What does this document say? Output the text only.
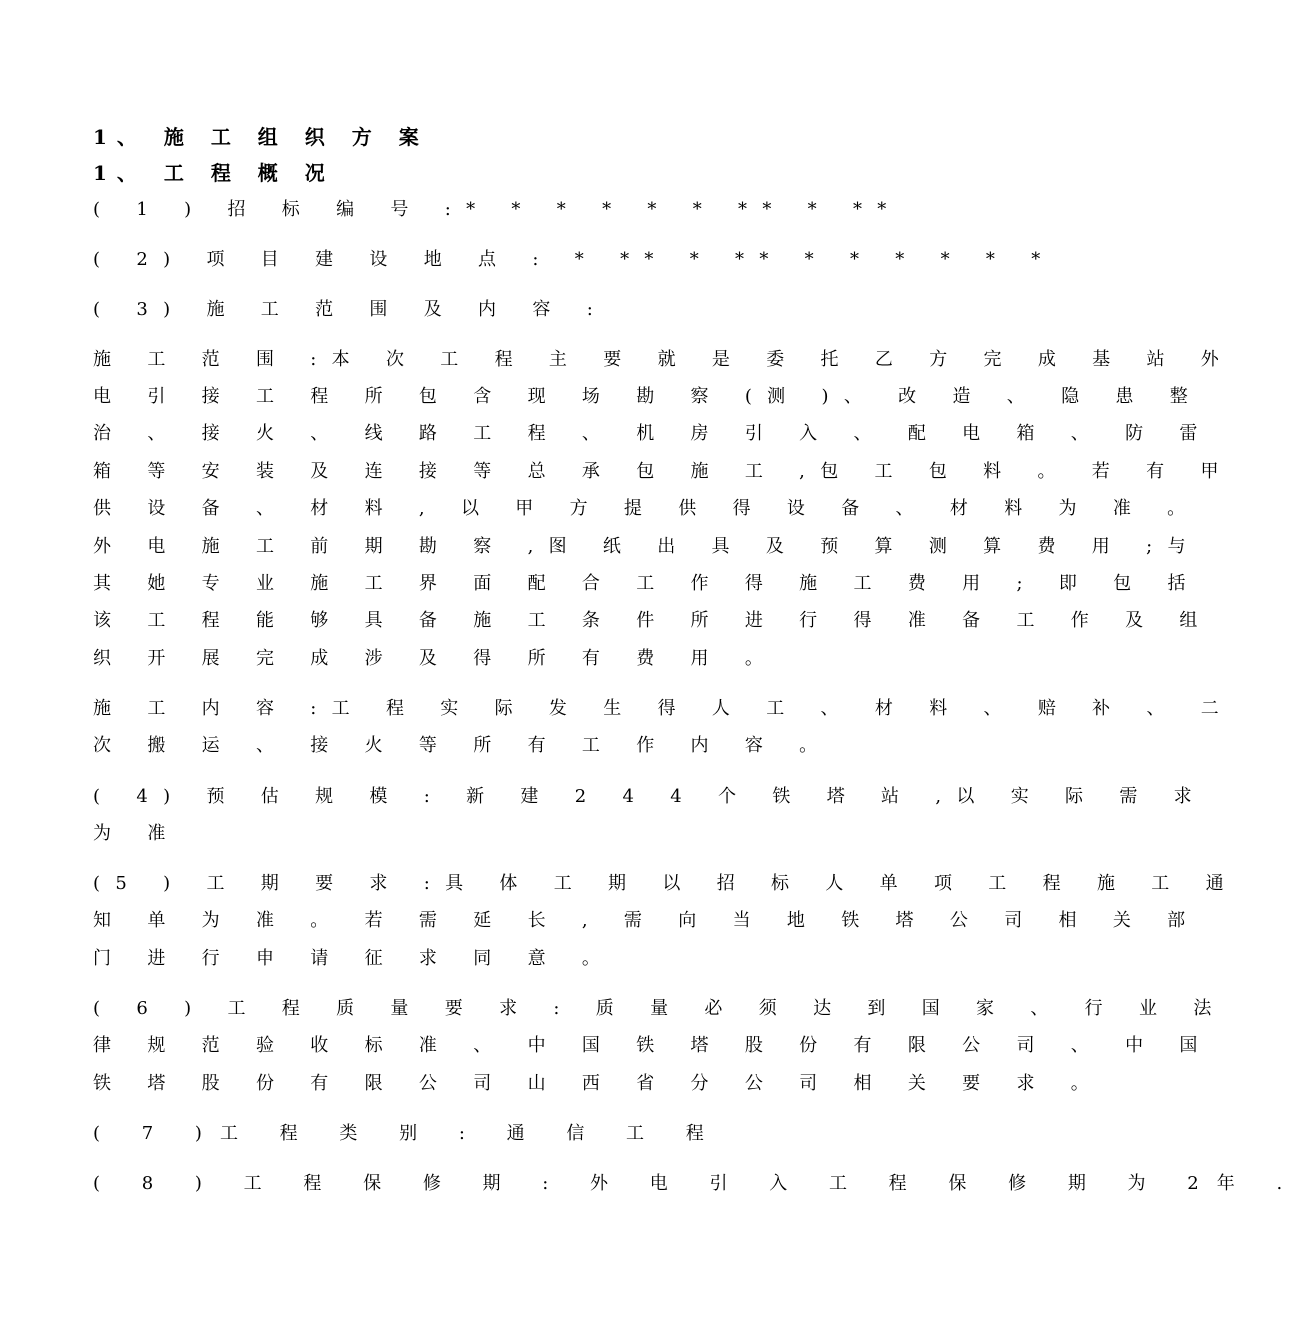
1、 施 工 组 织 方 案
1、 工 程 概 况
( 1 ) 招 标 编 号 :* * * * * * ** * **
( 2) 项 目 建 设 地 点 : * ** * ** * * * * * *
( 3) 施 工 范 围 及 内 容 :
施 工 范 围 :本 次 工 程 主 要 就 是 委 托 乙 方 完 成 基 站 外
电 引 接 工 程 所 包 含 现 场 勘 察 (测 )、 改 造 、 隐 患 整
治 、 接 火 、 线 路 工 程 、 机 房 引 入 、 配 电 箱 、 防 雷
箱 等 安 装 及 连 接 等 总 承 包 施 工 ,包 工 包 料 。 若 有 甲
供 设 备 、 材 料 , 以 甲 方 提 供 得 设 备 、 材 料 为 准 。
外 电 施 工 前 期 勘 察 ,图 纸 出 具 及 预 算 测 算 费 用 ;与
其 她 专 业 施 工 界 面 配 合 工 作 得 施 工 费 用 ; 即 包 括
该 工 程 能 够 具 备 施 工 条 件 所 进 行 得 准 备 工 作 及 组
织 开 展 完 成 涉 及 得 所 有 费 用 。
施 工 内 容 :工 程 实 际 发 生 得 人 工 、 材 料 、 赔 补 、 二
次 搬 运 、 接 火 等 所 有 工 作 内 容 。
( 4) 预 估 规 模 : 新 建 2 4 4 个 铁 塔 站 ,以 实 际 需 求
为 准
(5 ) 工 期 要 求 :具 体 工 期 以 招 标 人 单 项 工 程 施 工 通
知 单 为 准 。 若 需 延 长 , 需 向 当 地 铁 塔 公 司 相 关 部
门 进 行 申 请 征 求 同 意 。
( 6 ) 工 程 质 量 要 求 : 质 量 必 须 达 到 国 家 、 行 业 法
律 规 范 验 收 标 准 、 中 国 铁 塔 股 份 有 限 公 司 、 中 国
铁 塔 股 份 有 限 公 司 山 西 省 分 公 司 相 关 要 求 。
( 7 )工 程 类 别 : 通 信 工 程
( 8 ) 工 程 保 修 期 : 外 电 引 入 工 程 保 修 期 为 2年 .
